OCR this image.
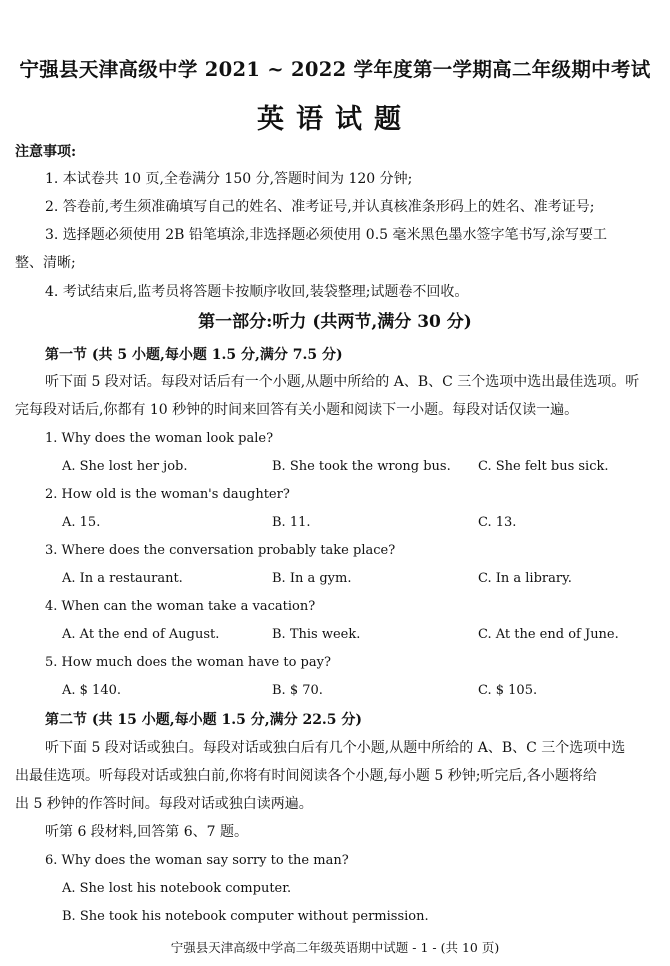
宁强县天津高级中学 2021 ~ 2022 学年度第一学期高二年级期中考试
英语试题
注意事项:
1. 本试卷共 10 页,全卷满分 150 分,答题时间为 120 分钟;
2. 答卷前,考生须准确填写自己的姓名、准考证号,并认真核准条形码上的姓名、准考证号;
3. 选择题必须使用 2B 铅笔填涂,非选择题必须使用 0.5 毫米黑色墨水签字笔书写,涂写要工
整、清晰;
4. 考试结束后,监考员将答题卡按顺序收回,装袋整理;试题卷不回收。
第一部分:听力 (共两节,满分 30 分)
第一节 (共 5 小题,每小题 1.5 分,满分 7.5 分)
听下面 5 段对话。每段对话后有一个小题,从题中所给的 A、B、C 三个选项中选出最佳选项。听
完每段对话后,你都有 10 秒钟的时间来回答有关小题和阅读下一小题。每段对话仅读一遍。
1. Why does the woman look pale?
A. She lost her job.	B. She took the wrong bus. C. She felt bus sick.
2. How old is the woman's daughter?
A. 15.	B. 11.	C. 13.
3. Where does the conversation probably take place?
A. In a restaurant.	B. In a gym.	C. In a library.
4. When can the woman take a vacation?
A. At the end of August.	B. This week.	C. At the end of June.
5. How much does the woman have to pay?
A. $ 140.	B. $ 70.	C. $ 105.
第二节 (共 15 小题,每小题 1.5 分,满分 22.5 分)
听下面 5 段对话或独白。每段对话或独白后有几个小题,从题中所给的 A、B、C 三个选项中选
出最佳选项。听每段对话或独白前,你将有时间阅读各个小题,每小题 5 秒钟;听完后,各小题将给
出 5 秒钟的作答时间。每段对话或独白读两遍。
听第 6 段材料,回答第 6、7 题。
6. Why does the woman say sorry to the man?
A. She lost his notebook computer.
B. She took his notebook computer without permission.
宁强县天津高级中学高二年级英语期中试题 - 1 - (共 10 页)
